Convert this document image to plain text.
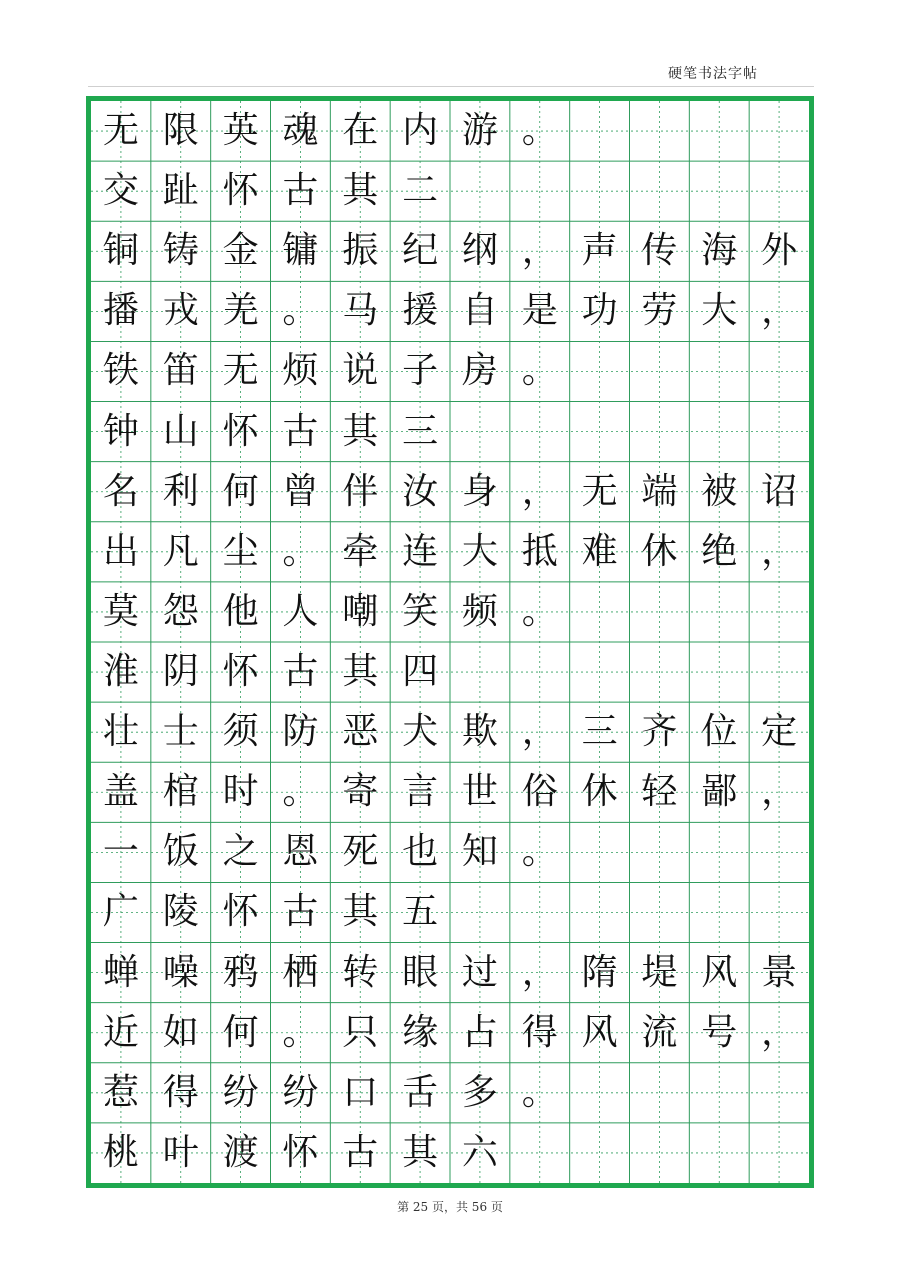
硬笔书法字帖
无 限 英 魂 在 内 游 。
交 趾 怀 古 其 二
铜 铸 金 镛 振 纪 纲 ， 声 传 海 外
播 戎 羌 。 马 援 自 是 功 劳 大 ，
铁 笛 无 烦 说 子 房 。
钟 山 怀 古 其 三
名 利 何 曾 伴 汝 身 ， 无 端 被 诏
出 凡 尘 。 牵 连 大 抵 难 休 绝 ，
莫 怨 他 人 嘲 笑 频 。
淮 阴 怀 古 其 四
壮 士 须 防 恶 犬 欺 ， 三 齐 位 定
盖 棺 时 。 寄 言 世 俗 休 轻 鄙 ，
一 饭 之 恩 死 也 知 。
广 陵 怀 古 其 五
蝉 噪 鸦 栖 转 眼 过 ， 隋 堤 风 景
近 如 何 。 只 缘 占 得 风 流 号 ，
惹 得 纷 纷 口 舌 多 。
桃 叶 渡 怀 古 其 六
第 25 页，共 56 页
